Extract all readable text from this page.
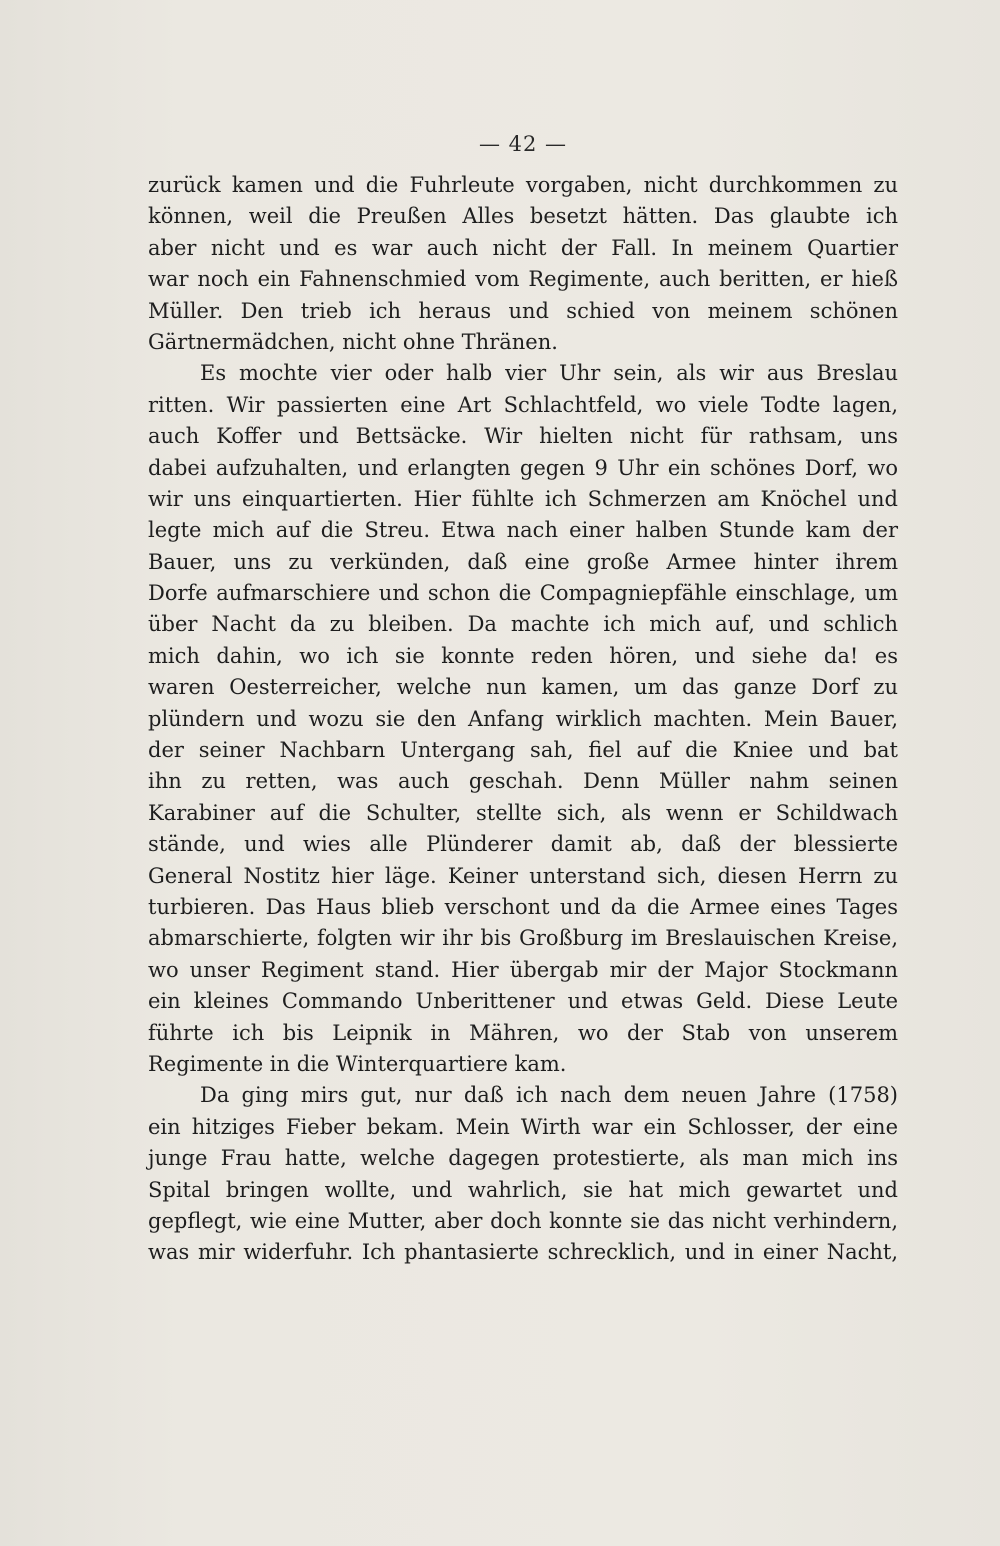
— 42 —
zurück kamen und die Fuhrleute vorgaben, nicht durchkommen zu
können, weil die Preußen Alles besetzt hätten. Das glaubte ich
aber nicht und es war auch nicht der Fall. In meinem Quartier
war noch ein Fahnenschmied vom Regimente, auch beritten, er hieß
Müller. Den trieb ich heraus und schied von meinem schönen
Gärtnermädchen, nicht ohne Thränen.
Es mochte vier oder halb vier Uhr sein, als wir aus Breslau
ritten. Wir passierten eine Art Schlachtfeld, wo viele Todte lagen,
auch Koffer und Bettsäcke. Wir hielten nicht für rathsam, uns
dabei aufzuhalten, und erlangten gegen 9 Uhr ein schönes Dorf, wo
wir uns einquartierten. Hier fühlte ich Schmerzen am Knöchel und
legte mich auf die Streu. Etwa nach einer halben Stunde kam der
Bauer, uns zu verkünden, daß eine große Armee hinter ihrem
Dorfe aufmarschiere und schon die Compagniepfähle einschlage, um
über Nacht da zu bleiben. Da machte ich mich auf, und schlich
mich dahin, wo ich sie konnte reden hören, und siehe da! es
waren Oesterreicher, welche nun kamen, um das ganze Dorf zu
plündern und wozu sie den Anfang wirklich machten. Mein Bauer,
der seiner Nachbarn Untergang sah, fiel auf die Kniee und bat
ihn zu retten, was auch geschah. Denn Müller nahm seinen
Karabiner auf die Schulter, stellte sich, als wenn er Schildwach
stände, und wies alle Plünderer damit ab, daß der blessierte
General Nostitz hier läge. Keiner unterstand sich, diesen Herrn zu
turbieren. Das Haus blieb verschont und da die Armee eines Tages
abmarschierte, folgten wir ihr bis Großburg im Breslauischen Kreise,
wo unser Regiment stand. Hier übergab mir der Major Stockmann
ein kleines Commando Unberittener und etwas Geld. Diese Leute
führte ich bis Leipnik in Mähren, wo der Stab von unserem
Regimente in die Winterquartiere kam.
Da ging mirs gut, nur daß ich nach dem neuen Jahre (1758)
ein hitziges Fieber bekam. Mein Wirth war ein Schlosser, der eine
junge Frau hatte, welche dagegen protestierte, als man mich ins
Spital bringen wollte, und wahrlich, sie hat mich gewartet und
gepflegt, wie eine Mutter, aber doch konnte sie das nicht verhindern,
was mir widerfuhr. Ich phantasierte schrecklich, und in einer Nacht,
